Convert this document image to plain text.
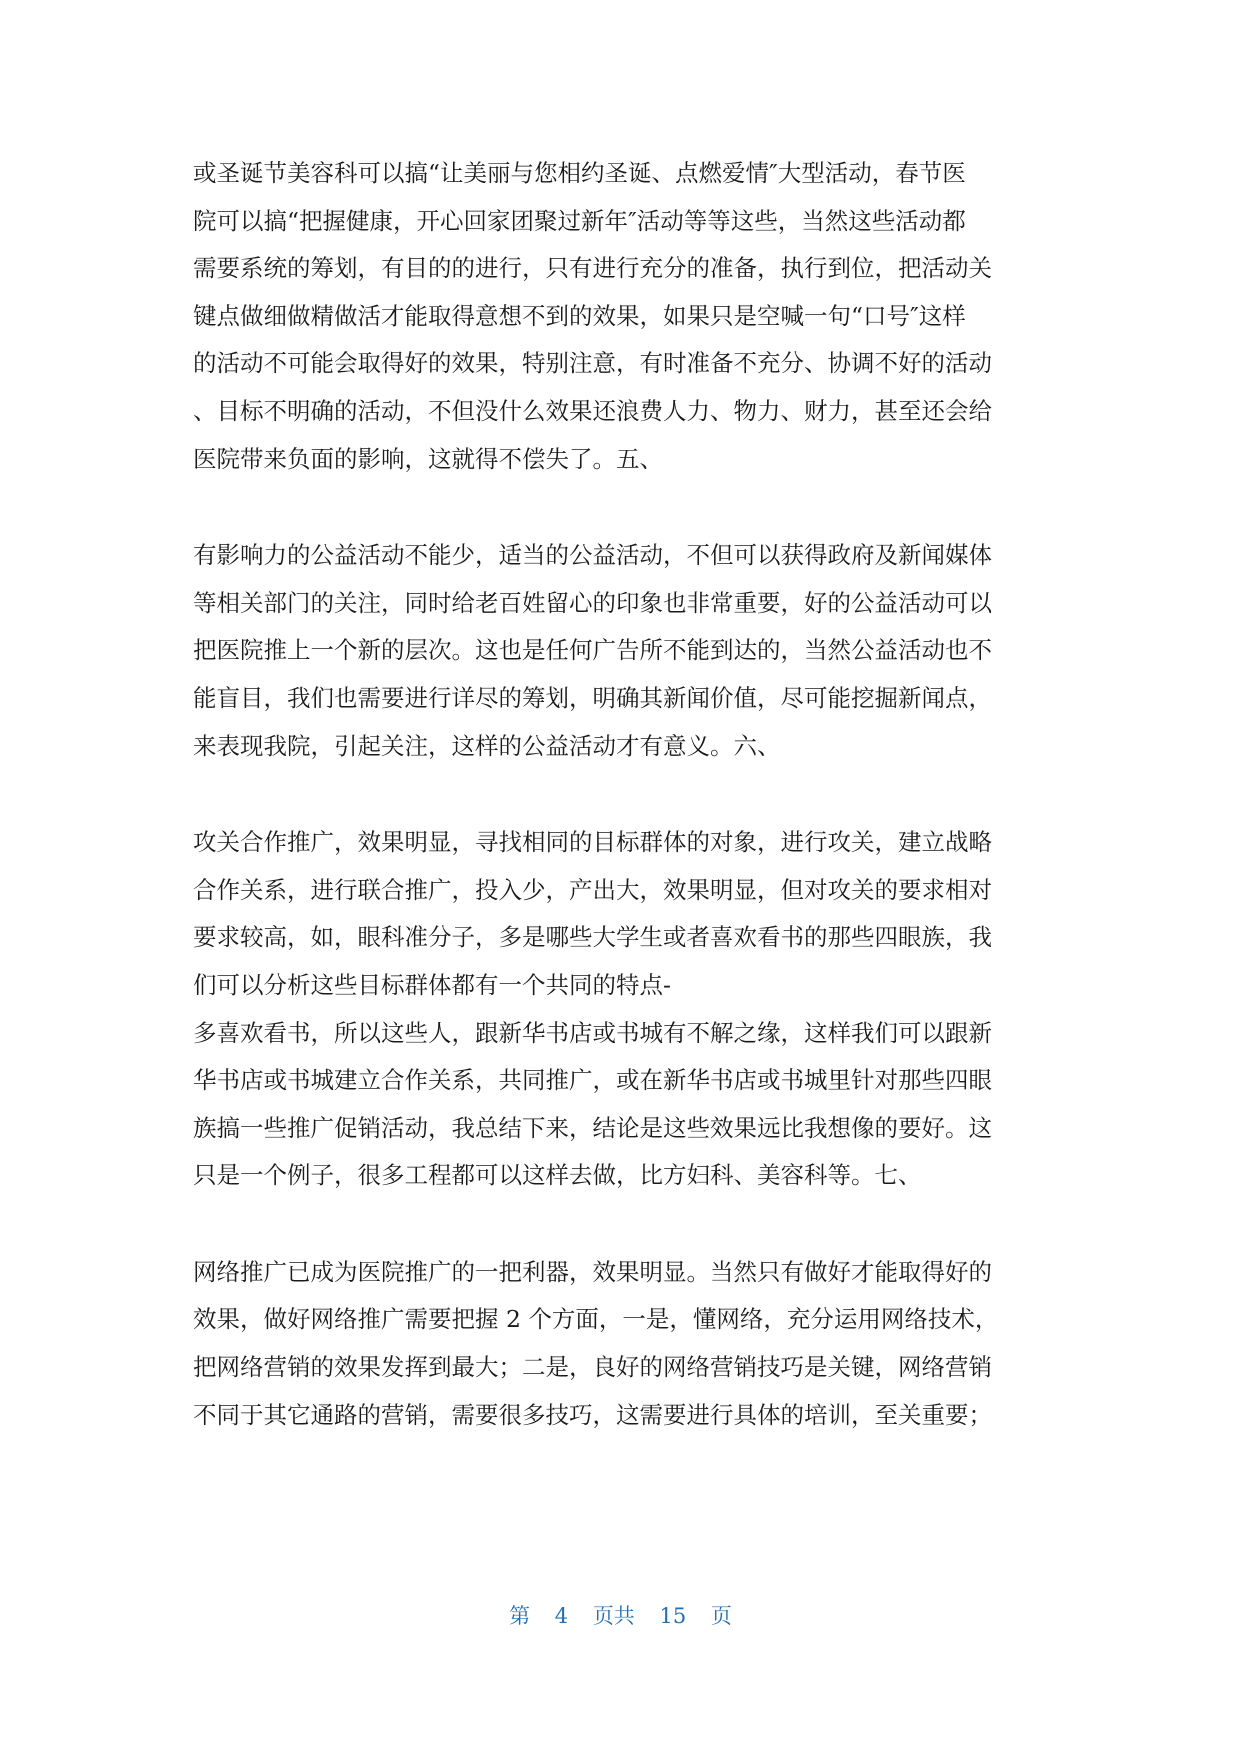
或圣诞节美容科可以搞“让美丽与您相约圣诞、点燃爱情″大型活动，春节医
院可以搞“把握健康，开心回家团聚过新年″活动等等这些，当然这些活动都
需要系统的筹划，有目的的进行，只有进行充分的准备，执行到位，把活动关
键点做细做精做活才能取得意想不到的效果，如果只是空喊一句“口号″这样
的活动不可能会取得好的效果，特别注意，有时准备不充分、协调不好的活动
、目标不明确的活动，不但没什么效果还浪费人力、物力、财力，甚至还会给
医院带来负面的影响，这就得不偿失了。五、
有影响力的公益活动不能少，适当的公益活动，不但可以获得政府及新闻媒体
等相关部门的关注，同时给老百姓留心的印象也非常重要，好的公益活动可以
把医院推上一个新的层次。这也是任何广告所不能到达的，当然公益活动也不
能盲目，我们也需要进行详尽的筹划，明确其新闻价值，尽可能挖掘新闻点，
来表现我院，引起关注，这样的公益活动才有意义。六、
攻关合作推广，效果明显，寻找相同的目标群体的对象，进行攻关，建立战略
合作关系，进行联合推广，投入少，产出大，效果明显，但对攻关的要求相对
要求较高，如，眼科准分子，多是哪些大学生或者喜欢看书的那些四眼族，我
们可以分析这些目标群体都有一个共同的特点-
多喜欢看书，所以这些人，跟新华书店或书城有不解之缘，这样我们可以跟新
华书店或书城建立合作关系，共同推广，或在新华书店或书城里针对那些四眼
族搞一些推广促销活动，我总结下来，结论是这些效果远比我想像的要好。这
只是一个例子，很多工程都可以这样去做，比方妇科、美容科等。七、
网络推广已成为医院推广的一把利器，效果明显。当然只有做好才能取得好的
效果，做好网络推广需要把握 2 个方面，一是，懂网络，充分运用网络技术，
把网络营销的效果发挥到最大；二是，良好的网络营销技巧是关键，网络营销
不同于其它通路的营销，需要很多技巧，这需要进行具体的培训，至关重要；
第 4 页共 15 页
